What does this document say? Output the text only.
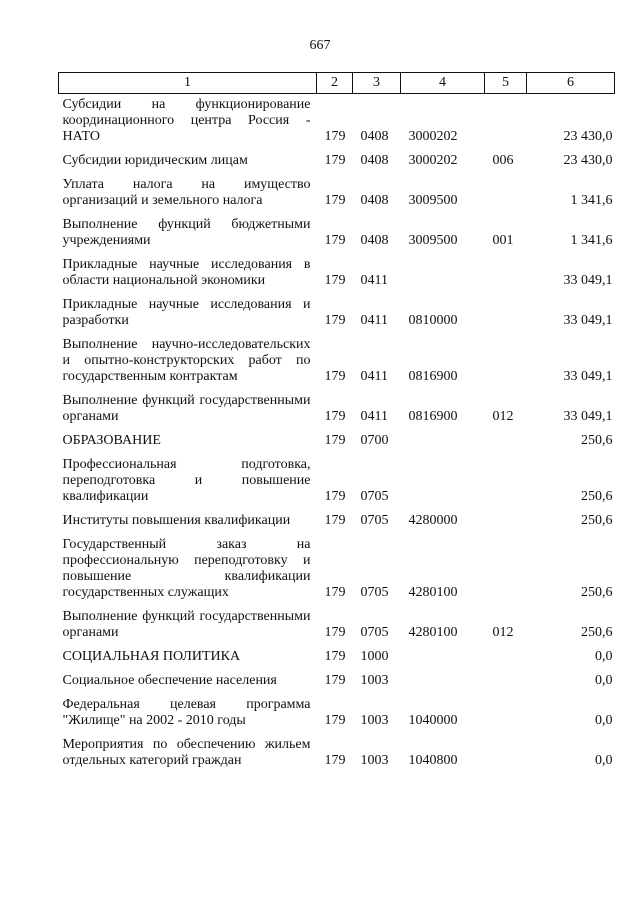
667
1	2	3	4	5	6
Субсидии на функционирование координационного центра Россия - НАТО	179	0408	3000202		23 430,0
Субсидии юридическим лицам	179	0408	3000202	006	23 430,0
Уплата налога на имущество организаций и земельного налога	179	0408	3009500		1 341,6
Выполнение функций бюджетными учреждениями	179	0408	3009500	001	1 341,6
Прикладные научные исследования в области национальной экономики	179	0411			33 049,1
Прикладные научные исследования и разработки	179	0411	0810000		33 049,1
Выполнение научно-исследовательских и опытно-конструкторских работ по государственным контрактам	179	0411	0816900		33 049,1
Выполнение функций государственными органами	179	0411	0816900	012	33 049,1
ОБРАЗОВАНИЕ	179	0700			250,6
Профессиональная подготовка, переподготовка и повышение квалификации	179	0705			250,6
Институты повышения квалификации	179	0705	4280000		250,6
Государственный заказ на профессиональную переподготовку и повышение квалификации государственных служащих	179	0705	4280100		250,6
Выполнение функций государственными органами	179	0705	4280100	012	250,6
СОЦИАЛЬНАЯ ПОЛИТИКА	179	1000			0,0
Социальное обеспечение населения	179	1003			0,0
Федеральная целевая программа "Жилище" на 2002 - 2010 годы	179	1003	1040000		0,0
Мероприятия по обеспечению жильем отдельных категорий граждан	179	1003	1040800		0,0
